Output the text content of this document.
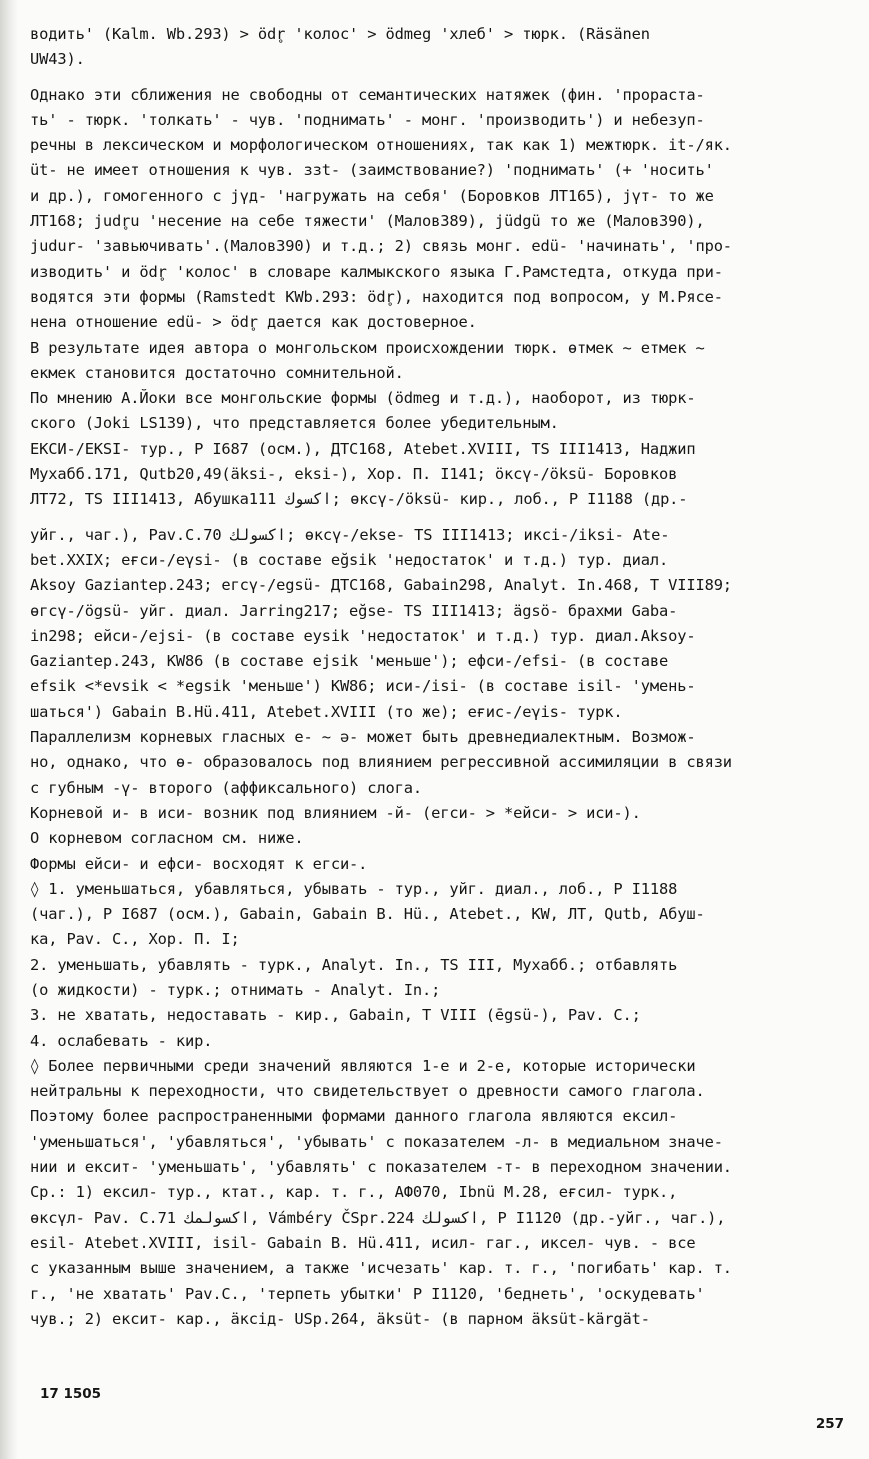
водить' (Kalm. Wb.293) > ödr̥ 'колос' > ödmeg 'хлеб' > тюрк. (Räsänen
UW43).
Однако эти сближения не свободны от семантических натяжек (фин. 'прораста-
ть' - тюрк. 'толкать' - чув. 'поднимать' - монг. 'производить') и небезуп-
речны в лексическом и морфологическом отношениях, так как 1) межтюрк. it-/як.
üt- не имеет отношения к чув. ɜɜt- (заимствование?) 'поднимать' (+ 'носить'
и др.), гомогенного с jүд- 'нагружать на себя' (Боровков ЛТ165), jүт- то же
ЛТ168; judr̥u 'несение на себе тяжести' (Малов389), jüdgü то же (Малов390),
judur- 'завьючивать'.(Малов390) и т.д.; 2) связь монг. edü- 'начинать', 'про-
изводить' и ödr̥ 'колос' в словаре калмыкского языка Г.Рамстедта, откуда при-
водятся эти формы (Ramstedt KWb.293: ödr̥), находится под вопросом, у М.Рясе-
нена отношение edü- > ödr̥ дается как достоверное.
В результате идея автора о монгольском происхождении тюрк. өтмек ~ етмек ~
екмек становится достаточно сомнительной.
По мнению А.Йоки все монгольские формы (ödmeg и т.д.), наоборот, из тюрк-
ского (Joki LS139), что представляется более убедительным.
ЕКСИ-/ЕКSI- тур., Р I687 (осм.), ДТС168, Atebet.XVIII, TS III1413, Наджип
Мухабб.171, Qutb20,49(äksi-, eksi-), Хор. П. I141; ӧксү-/öksü- Боровков
ЛТ72, TS III1413, Абушка111 اكسوك; өксү-/öksü- кир., лоб., Р I1188 (др.-
уйг., чаг.), Pav.C.70 اكسولك; өксү-/ekse- TS III1413; иксі-/iksi- Ate-
bet.XXIX; еғси-/eγsi- (в составе eğsik 'недостаток' и т.д.) тур. диал.
Aksoy Gaziantep.243; егсү-/egsü- ДТС168, Gabain298, Analyt. In.468, T VIII89;
өгсү-/ögsü- уйг. диал. Jarring217; eğse- TS III1413; ägsö- брахми Gaba-
in298; ейси-/ejsi- (в составе eysik 'недостаток' и т.д.) тур. диал.Aksoy-
Gaziantep.243, KW86 (в составе ejsik 'меньше'); ефси-/efsi- (в составе
efsik <*evsik < *egsik 'меньше') KW86; иси-/isi- (в составе isil- 'умень-
шаться') Gabain B.Hü.411, Atebet.XVIII (то же); еғис-/eγis- турк.
Параллелизм корневых гласных е- ~ ә- может быть древнедиалектным. Возмож-
но, однако, что ө- образовалось под влиянием регрессивной ассимиляции в связи
с губным -ү- второго (аффиксального) слога.
Корневой и- в иси- возник под влиянием -й- (егси- > *ейси- > иси-).
О корневом согласном см. ниже.
Формы ейси- и ефси- восходят к егси-.
◊ 1. уменьшаться, убавляться, убывать - тур., уйг. диал., лоб., Р I1188
(чаг.), Р I687 (осм.), Gabain, Gabain B. Hü., Atebet., KW, ЛТ, Qutb, Абуш-
ка, Pav. C., Хор. П. I;
2. уменьшать, убавлять - турк., Analyt. In., TS III, Мухабб.; отбавлять
(о жидкости) - турк.; отнимать - Analyt. In.;
3. не хватать, недоставать - кир., Gabain, T VIII (ēgsü-), Pav. C.;
4. ослабевать - кир.
◊ Более первичными среди значений являются 1-е и 2-е, которые исторически
нейтральны к переходности, что свидетельствует о древности самого глагола.
Поэтому более распространенными формами данного глагола являются ексил-
'уменьшаться', 'убавляться', 'убывать' с показателем -л- в медиальном значе-
нии и ексит- 'уменьшать', 'убавлять' с показателем -т- в переходном значении.
Ср.: 1) ексил- тур., ктат., кар. т. г., АФ070, Ibnü M.28, еғсил- турк.,
өксүл- Pav. C.71 اكسولمك, Vámbéry ČSpr.224 اكسولك, Р I1120 (др.-уйг., чаг.),
esil- Atebet.XVIII, isil- Gabain B. Hü.411, исил- гаг., иксел- чув. - все
с указанным выше значением, а также 'исчезать' кар. т. г., 'погибать' кар. т.
г., 'не хватать' Pav.C., 'терпеть убытки' Р I1120, 'беднеть', 'оскудевать'
чув.; 2) ексит- кар., äксід- USp.264, äksüt- (в парном äksüt-kärgät-
17 1505
257
